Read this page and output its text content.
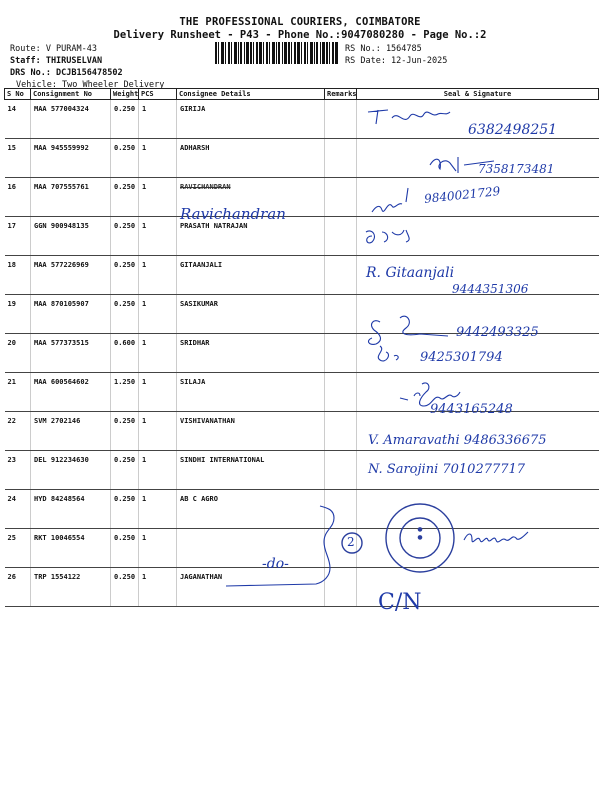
THE PROFESSIONAL COURIERS, COIMBATORE
Delivery Runsheet - P43 - Phone No.:9047080280 - Page No.:2
Route: V PURAM-43
Staff: THIRUSELVAN
DRS No.: DCJB156478502
Vehicle: Two Wheeler Delivery
RS No.: 1564785
RS Date: 12-Jun-2025
S No	Consignment No	Weight	PCS	Consignee Details	Remarks	Seal & Signature
14	MAA 577004324	0.250	1	GIRIJA		
15	MAA 945559992	0.250	1	ADHARSH		
16	MAA 707555761	0.250	1	RAVICHANDRAN		
17	GGN 900948135	0.250	1	PRASATH NATRAJAN		
18	MAA 577226969	0.250	1	GITAANJALI		
19	MAA 870105907	0.250	1	SASIKUMAR		
20	MAA 577373515	0.600	1	SRIDHAR		
21	MAA 600564602	1.250	1	SILAJA		
22	SVM 2702146	0.250	1	VISHIVANATHAN		
23	DEL 912234630	0.250	1	SINDHI INTERNATIONAL		
24	HYD 84248564	0.250	1	AB C AGRO		
25	RKT 10046554	0.250	1			
26	TRP 1554122	0.250	1	JAGANATHAN		
6382498251
7358173481
Ravichandran
9840021729
R. Gitaanjali
9444351306
9442493325
9425301794
9443165248
V. Amaravathi 9486336675
N. Sarojini 7010277717
-do-
C/N
●
●
2
